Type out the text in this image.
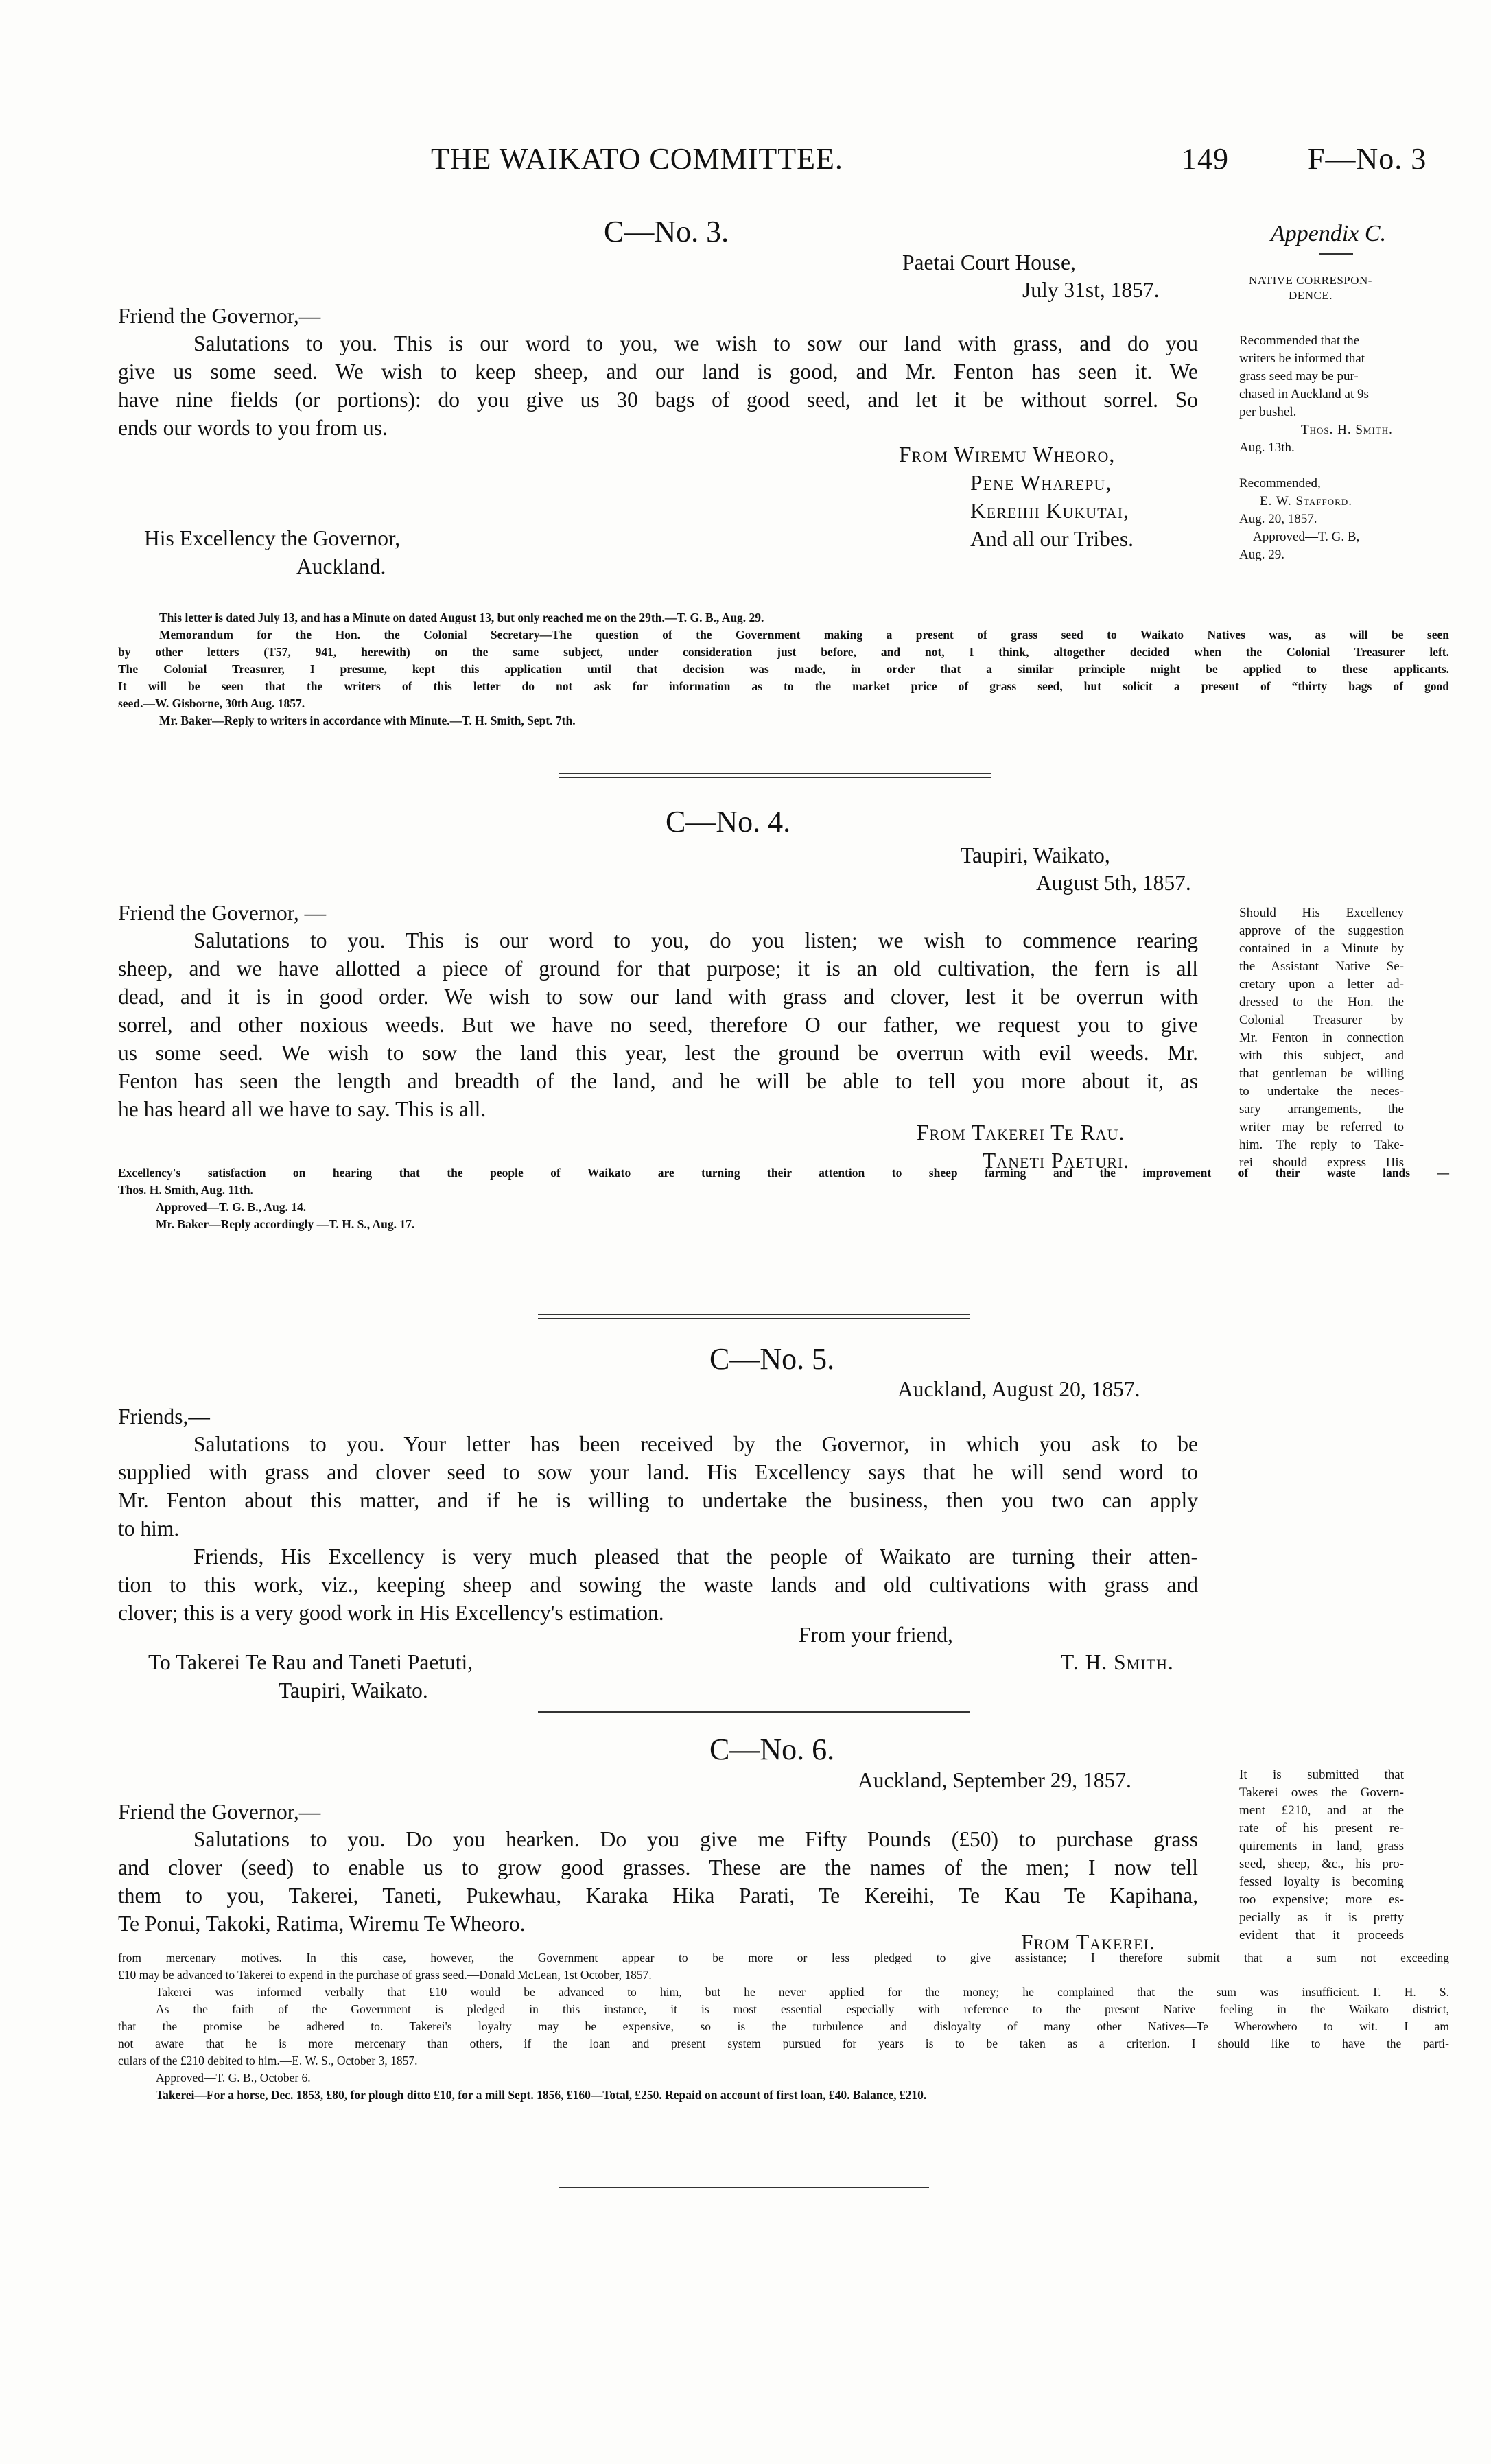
THE WAIKATO COMMITTEE.	149	F—No. 3
Appendix C.
NATIVE CORRESPON-
DENCE.
C—No. 3.
Paetai Court House,
July 31st, 1857.
Friend the Governor,—

Salutations to you. This is our word to you, we wish to sow our land with grass, and do you

give us some seed. We wish to keep sheep, and our land is good, and Mr. Fenton has seen it. We

have nine fields (or portions): do you give us 30 bags of good seed, and let it be without sorrel. So

ends our words to you from us.

From Wiremu Wheoro,
Pene Wharepu,
Kereihi Kukutai,
And all our Tribes.
His Excellency the Governor,
Auckland.
Recommended that the
writers be informed that
grass seed may be pur-
chased in Auckland at 9s
per bushel.
Thos. H. Smith.
Aug. 13th.
Recommended,
E. W. Stafford.
Aug. 20, 1857.
Approved—T. G. B,
Aug. 29.

This letter is dated July 13, and has a Minute on dated August 13, but only reached me on the 29th.—T. G. B., Aug. 29.

Memorandum for the Hon. the Colonial Secretary—The question of the Government making a present of grass seed to Waikato Natives was, as will be seen

by other letters (T57, 941, herewith) on the same subject, under consideration just before, and not, I think, altogether decided when the Colonial Treasurer left.

The Colonial Treasurer, I presume, kept this application until that decision was made, in order that a similar principle might be applied to these applicants.

It will be seen that the writers of this letter do not ask for information as to the market price of grass seed, but solicit a present of “thirty bags of good

seed.—W. Gisborne, 30th Aug. 1857.

Mr. Baker—Reply to writers in accordance with Minute.—T. H. Smith, Sept. 7th.

C—No. 4.
Taupiri, Waikato,
August 5th, 1857.
Friend the Governor, —

Salutations to you. This is our word to you, do you listen; we wish to commence rearing

sheep, and we have allotted a piece of ground for that purpose; it is an old cultivation, the fern is all

dead, and it is in good order. We wish to sow our land with grass and clover, lest it be overrun with

sorrel, and other noxious weeds. But we have no seed, therefore O our father, we request you to give

us some seed. We wish to sow the land this year, lest the ground be overrun with evil weeds. Mr.

Fenton has seen the length and breadth of the land, and he will be able to tell you more about it, as

he has heard all we have to say. This is all.

From Takerei Te Rau.
Taneti Paeturi.

Should His Excellency

approve of the suggestion

contained in a Minute by

the Assistant Native Se-

cretary upon a letter ad-

dressed to the Hon. the

Colonial Treasurer by

Mr. Fenton in connection

with this subject, and

that gentleman be willing

to undertake the neces-

sary arrangements, the

writer may be referred to

him. The reply to Take-

rei should express His

Excellency's satisfaction on hearing that the people of Waikato are turning their attention to sheep farming and the improvement of their waste lands —

Thos. H. Smith, Aug. 11th.

Approved—T. G. B., Aug. 14.

Mr. Baker—Reply accordingly —T. H. S., Aug. 17.

C—No. 5.
Auckland, August 20, 1857.
Friends,—

Salutations to you. Your letter has been received by the Governor, in which you ask to be

supplied with grass and clover seed to sow your land. His Excellency says that he will send word to

Mr. Fenton about this matter, and if he is willing to undertake the business, then you two can apply

to him.

Friends, His Excellency is very much pleased that the people of Waikato are turning their atten-

tion to this work, viz., keeping sheep and sowing the waste lands and old cultivations with grass and

clover; this is a very good work in His Excellency's estimation.

From your friend,
T. H. Smith.
To Takerei Te Rau and Taneti Paetuti,
Taupiri, Waikato.
C—No. 6.
Auckland, September 29, 1857.
Friend the Governor,—

Salutations to you. Do you hearken. Do you give me Fifty Pounds (£50) to purchase grass

and clover (seed) to enable us to grow good grasses. These are the names of the men; I now tell

them to you, Takerei, Taneti, Pukewhau, Karaka Hika Parati, Te Kereihi, Te Kau Te Kapihana,

Te Ponui, Takoki, Ratima, Wiremu Te Wheoro.

From Takerei.

It is submitted that

Takerei owes the Govern-

ment £210, and at the

rate of his present re-

quirements in land, grass

seed, sheep, &c., his pro-

fessed loyalty is becoming

too expensive; more es-

pecially as it is pretty

evident that it proceeds

from mercenary motives. In this case, however, the Government appear to be more or less pledged to give assistance; I therefore submit that a sum not exceeding

£10 may be advanced to Takerei to expend in the purchase of grass seed.—Donald McLean, 1st October, 1857.

Takerei was informed verbally that £10 would be advanced to him, but he never applied for the money; he complained that the sum was insufficient.—T. H. S.

As the faith of the Government is pledged in this instance, it is most essential especially with reference to the present Native feeling in the Waikato district,

that the promise be adhered to. Takerei's loyalty may be expensive, so is the turbulence and disloyalty of many other Natives—Te Wherowhero to wit. I am

not aware that he is more mercenary than others, if the loan and present system pursued for years is to be taken as a criterion. I should like to have the parti-

culars of the £210 debited to him.—E. W. S., October 3, 1857.

Approved—T. G. B., October 6.

Takerei—For a horse, Dec. 1853, £80, for plough ditto £10, for a mill Sept. 1856, £160—Total, £250. Repaid on account of first loan, £40. Balance, £210.
